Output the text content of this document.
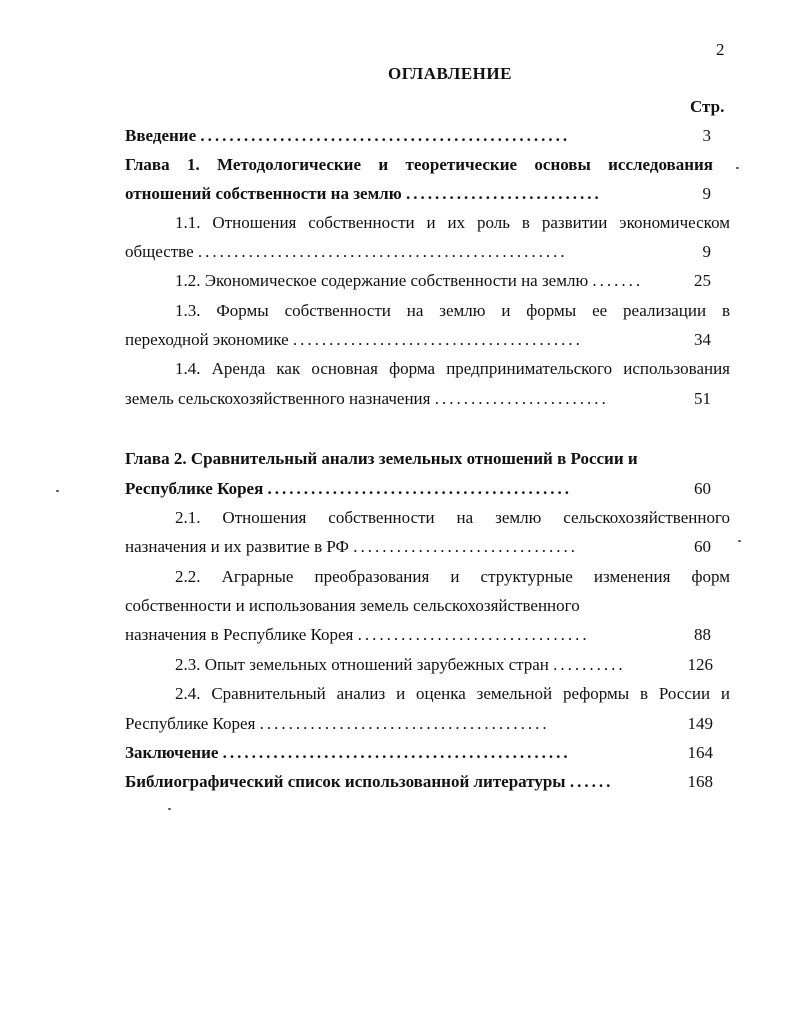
2
ОГЛАВЛЕНИЕ
Стр.
Введение ...................................................	3
Глава 1. Методологические и теоретические основы исследования
отношений собственности на землю ...........................	9
1.1. Отношения собственности и их роль в развитии экономическом
обществе ...................................................	9
1.2. Экономическое содержание собственности на землю .......	25
1.3. Формы собственности на землю и формы ее реализации в
переходной экономике ........................................	34
1.4. Аренда как основная форма предпринимательского использования
земель сельскохозяйственного назначения ........................	51
Глава 2. Сравнительный анализ земельных отношений в России и
Республике Корея ..........................................	60
2.1. Отношения собственности на землю сельскохозяйственного
назначения и их развитие в РФ ...............................	60
2.2. Аграрные преобразования и структурные изменения форм
собственности и использования земель сельскохозяйственного
назначения в Республике Корея ................................	88
2.3. Опыт земельных отношений зарубежных стран ..........	126
2.4. Сравнительный анализ и оценка земельной реформы в России и
Республике Корея ........................................	149
Заключение ................................................	164
Библиографический список использованной литературы ......	168
